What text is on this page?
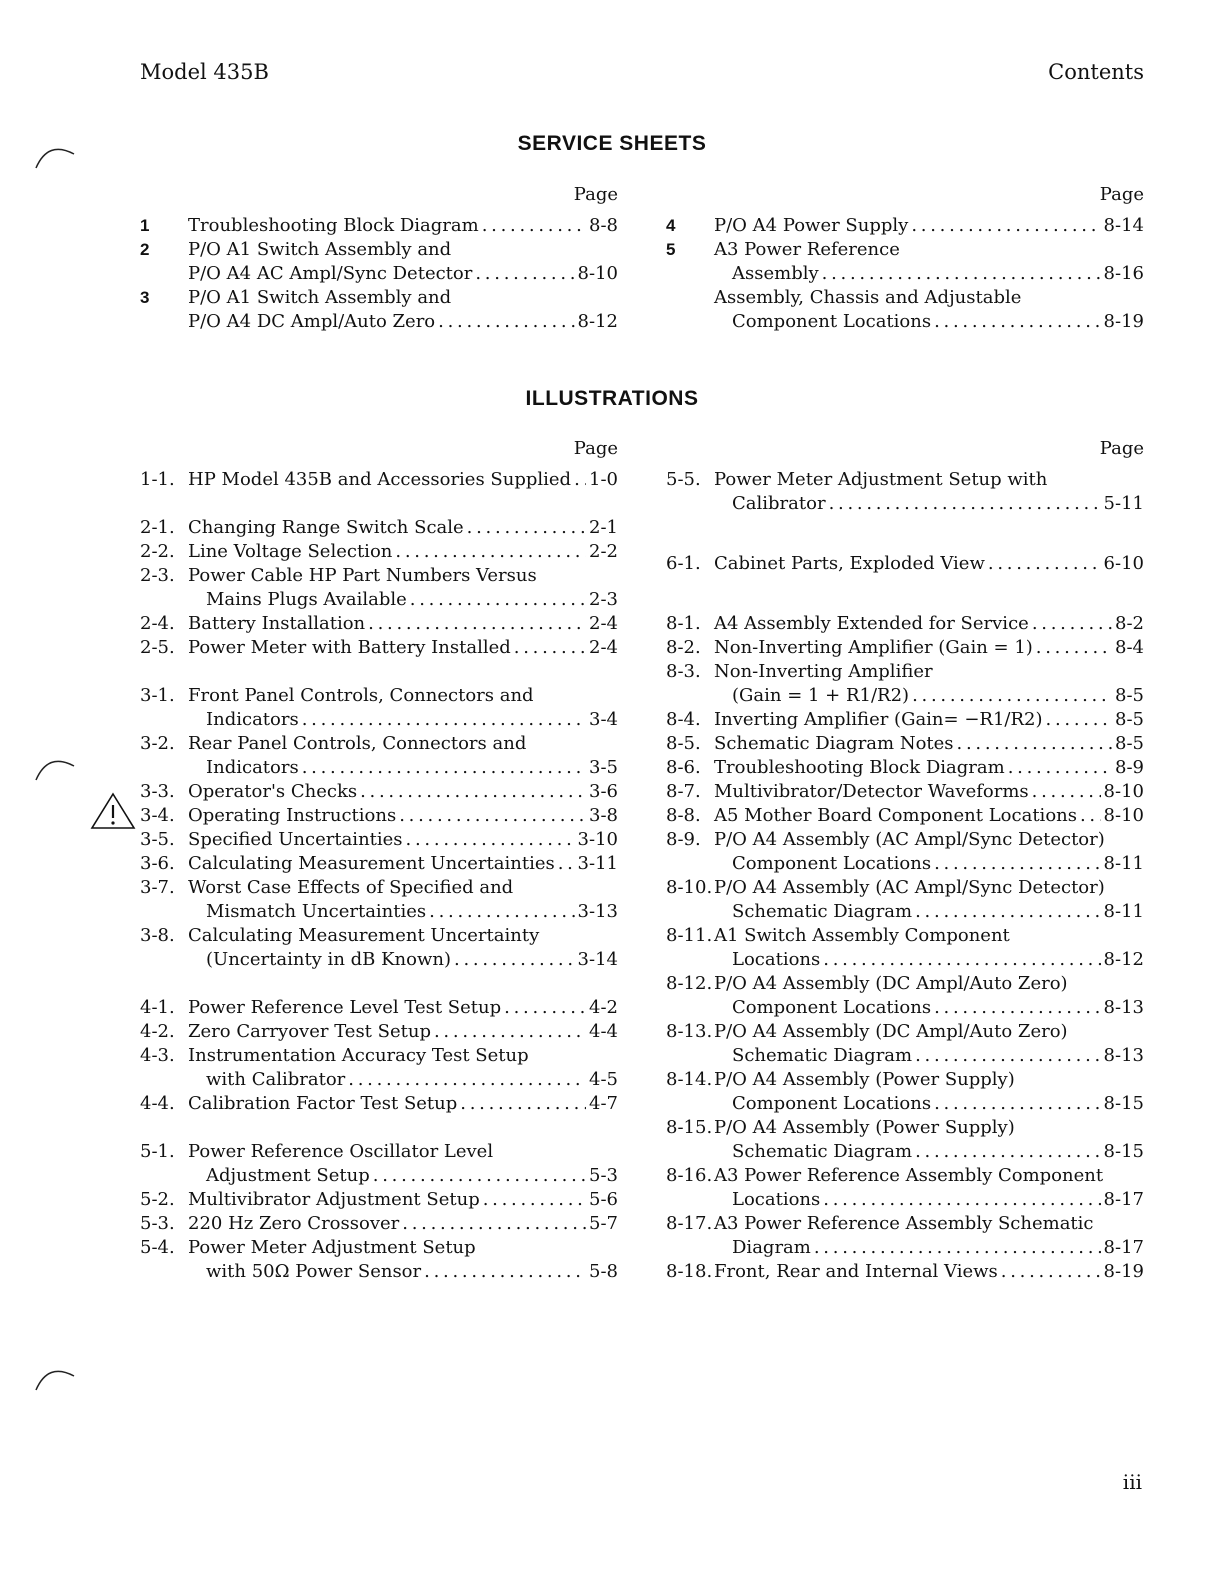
Model 435B	Contents
SERVICE SHEETS
Page
1	Troubleshooting Block Diagram . . .	8-8
2	P/O A1 Switch Assembly and
P/O A4 AC Ampl/Sync Detector . . .	8-10
3	P/O A1 Switch Assembly and
P/O A4 DC Ampl/Auto Zero . . .	8-12
Page
4	P/O A4 Power Supply . . .	8-14
5	A3 Power Reference
Assembly . . .	8-16
Assembly, Chassis and Adjustable
Component Locations . . .	8-19
ILLUSTRATIONS
Page
1-1. HP Model 435B and Accessories Supplied . . . 1-0
2-1. Changing Range Switch Scale . . .	2-1
2-2. Line Voltage Selection . . .	2-2
2-3. Power Cable HP Part Numbers Versus
Mains Plugs Available . . .	2-3
2-4. Battery Installation . . .	2-4
2-5. Power Meter with Battery Installed . . .	2-4
3-1. Front Panel Controls, Connectors and
Indicators . . .	3-4
3-2. Rear Panel Controls, Connectors and
Indicators . . .	3-5
3-3. Operator's Checks . . .	3-6
3-4. Operating Instructions . . .	3-8
3-5. Specified Uncertainties . . .	3-10
3-6. Calculating Measurement Uncertainties . . . 3-11
3-7. Worst Case Effects of Specified and
Mismatch Uncertainties . . .	3-13
3-8. Calculating Measurement Uncertainty
(Uncertainty in dB Known) . . .	3-14
4-1. Power Reference Level Test Setup . . .	4-2
4-2. Zero Carryover Test Setup . . .	4-4
4-3. Instrumentation Accuracy Test Setup
with Calibrator . . .	4-5
4-4. Calibration Factor Test Setup . . .	4-7
5-1. Power Reference Oscillator Level
Adjustment Setup . . .	5-3
5-2. Multivibrator Adjustment Setup . . .	5-6
5-3. 220 Hz Zero Crossover . . .	5-7
5-4. Power Meter Adjustment Setup
with 50Ω Power Sensor . . .	5-8
Page
5-5. Power Meter Adjustment Setup with
Calibrator . . .	5-11
6-1. Cabinet Parts, Exploded View . . .	6-10
8-1. A4 Assembly Extended for Service . . .	8-2
8-2. Non-Inverting Amplifier (Gain = 1) . . .	8-4
8-3. Non-Inverting Amplifier
(Gain = 1 + R1/R2) . . .	8-5
8-4. Inverting Amplifier (Gain= −R1/R2) . . .	8-5
8-5. Schematic Diagram Notes . . .	8-5
8-6. Troubleshooting Block Diagram . . .	8-9
8-7. Multivibrator/Detector Waveforms . . .	8-10
8-8. A5 Mother Board Component Locations . . . 8-10
8-9. P/O A4 Assembly (AC Ampl/Sync Detector)
Component Locations . . .	8-11
8-10. P/O A4 Assembly (AC Ampl/Sync Detector)
Schematic Diagram . . .	8-11
8-11. A1 Switch Assembly Component
Locations . . .	8-12
8-12. P/O A4 Assembly (DC Ampl/Auto Zero)
Component Locations . . .	8-13
8-13. P/O A4 Assembly (DC Ampl/Auto Zero)
Schematic Diagram . . .	8-13
8-14. P/O A4 Assembly (Power Supply)
Component Locations . . .	8-15
8-15. P/O A4 Assembly (Power Supply)
Schematic Diagram . . .	8-15
8-16. A3 Power Reference Assembly Component
Locations . . .	8-17
8-17. A3 Power Reference Assembly Schematic
Diagram . . .	8-17
8-18. Front, Rear and Internal Views . . .	8-19
iii
